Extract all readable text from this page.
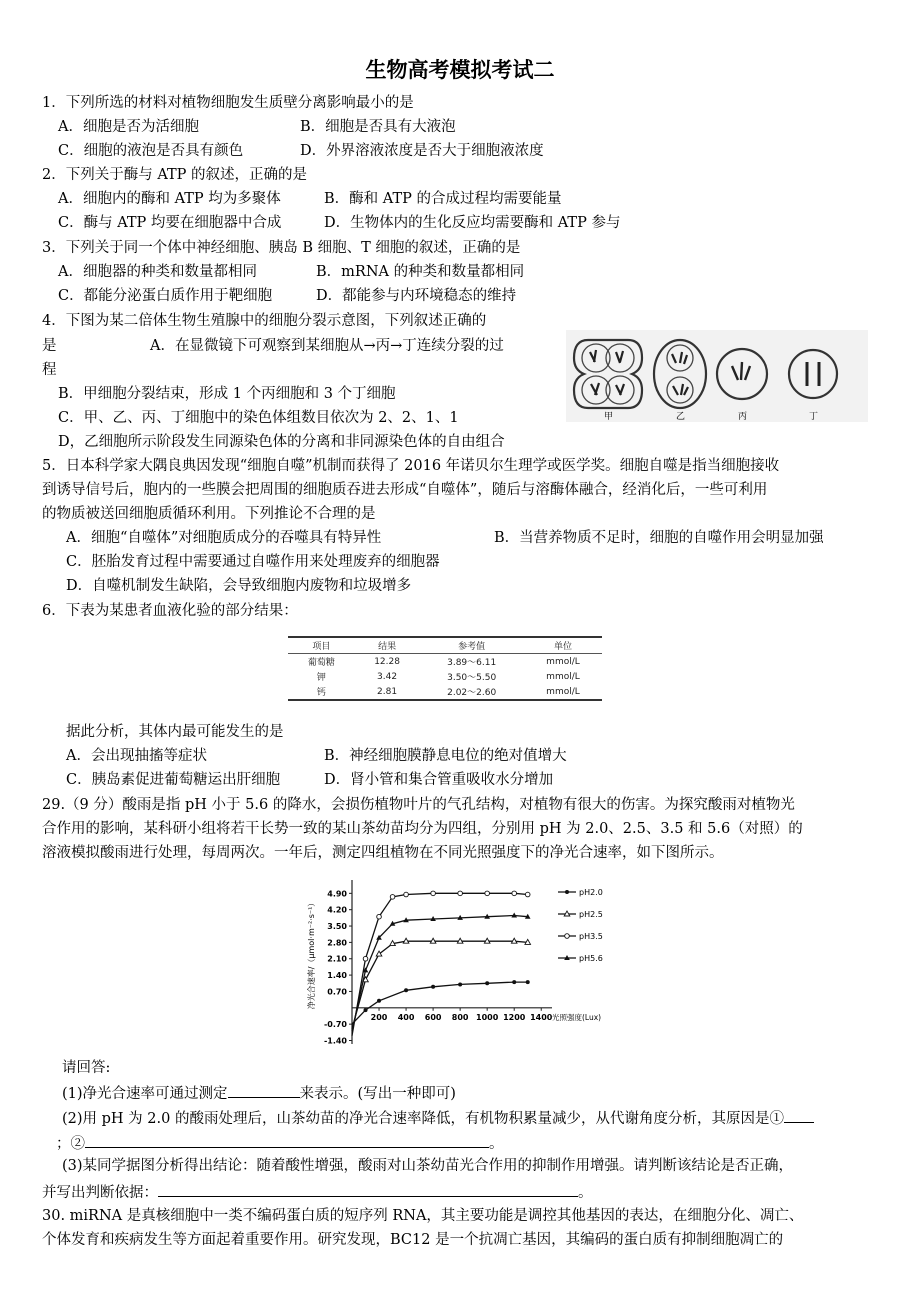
生物高考模拟考试二
1．下列所选的材料对植物细胞发生质壁分离影响最小的是
A．细胞是否为活细胞	B．细胞是否具有大液泡
C．细胞的液泡是否具有颜色	D．外界溶液浓度是否大于细胞液浓度
2．下列关于酶与 ATP 的叙述，正确的是
A．细胞内的酶和 ATP 均为多聚体	B．酶和 ATP 的合成过程均需要能量
C．酶与 ATP 均要在细胞器中合成	D．生物体内的生化反应均需要酶和 ATP 参与
3．下列关于同一个体中神经细胞、胰岛 B 细胞、T 细胞的叙述，正确的是
A．细胞器的种类和数量都相同	B．mRNA 的种类和数量都相同
C．都能分泌蛋白质作用于靶细胞	D．都能参与内环境稳态的维持
4．下图为某二倍体生物生殖腺中的细胞分裂示意图，下列叙述正确的
是	A．在显微镜下可观察到某细胞从→丙→丁连续分裂的过
程
B．甲细胞分裂结束，形成 1 个丙细胞和 3 个丁细胞
C．甲、乙、丙、丁细胞中的染色体组数目依次为 2、2、1、1
D，乙细胞所示阶段发生同源染色体的分离和非同源染色体的自由组合
甲	乙	丙	丁
5．日本科学家大隅良典因发现“细胞自噬”机制而获得了 2016 年诺贝尔生理学或医学奖。细胞自噬是指当细胞接收
到诱导信号后，胞内的一些膜会把周围的细胞质吞进去形成“自噬体”，随后与溶酶体融合，经消化后，一些可利用
的物质被送回细胞质循环利用。下列推论不合理的是
A．细胞“自噬体”对细胞质成分的吞噬具有特异性	B．当营养物质不足时，细胞的自噬作用会明显加强
C．胚胎发育过程中需要通过自噬作用来处理废弃的细胞器
D．自噬机制发生缺陷，会导致细胞内废物和垃圾增多
6．下表为某患者血液化验的部分结果：
项目	结果	参考值	单位

葡萄糖	12.28	3.89～6.11	mmol/L
钾	3.42	3.50～5.50	mmol/L
钙	2.81	2.02～2.60	mmol/L
据此分析，其体内最可能发生的是
A．会出现抽搐等症状	B．神经细胞膜静息电位的绝对值增大
C．胰岛素促进葡萄糖运出肝细胞	D．肾小管和集合管重吸收水分增加
29.（9 分）酸雨是指 pH 小于 5.6 的降水，会损伤植物叶片的气孔结构，对植物有很大的伤害。为探究酸雨对植物光
合作用的影响，某科研小组将若干长势一致的某山茶幼苗均分为四组，分别用 pH 为 2.0、2.5、3.5 和 5.6（对照）的
溶液模拟酸雨进行处理，每周两次。一年后，测定四组植物在不同光照强度下的净光合速率，如下图所示。
-1.40
-0.70
0.70
1.40
2.10
2.80
3.50
4.20
4.90
200 400 600 800 1000 1200 1400 光照强度(Lux)
净光合速率/（μmol·m⁻²·s⁻¹）
pH2.0
pH2.5
pH3.5
pH5.6
请回答:
(1)净光合速率可通过测定	来表示。(写出一种即可)
(2)用 pH 为 2.0 的酸雨处理后，山茶幼苗的净光合速率降低，有机物积累量减少，从代谢角度分析，其原因是①
；②	。
(3)某同学据图分析得出结论：随着酸性增强，酸雨对山茶幼苗光合作用的抑制作用增强。请判断该结论是否正确，
并写出判断依据：	。
30. miRNA 是真核细胞中一类不编码蛋白质的短序列 RNA，其主要功能是调控其他基因的表达，在细胞分化、凋亡、
个体发育和疾病发生等方面起着重要作用。研究发现，BC12 是一个抗凋亡基因，其编码的蛋白质有抑制细胞凋亡的
